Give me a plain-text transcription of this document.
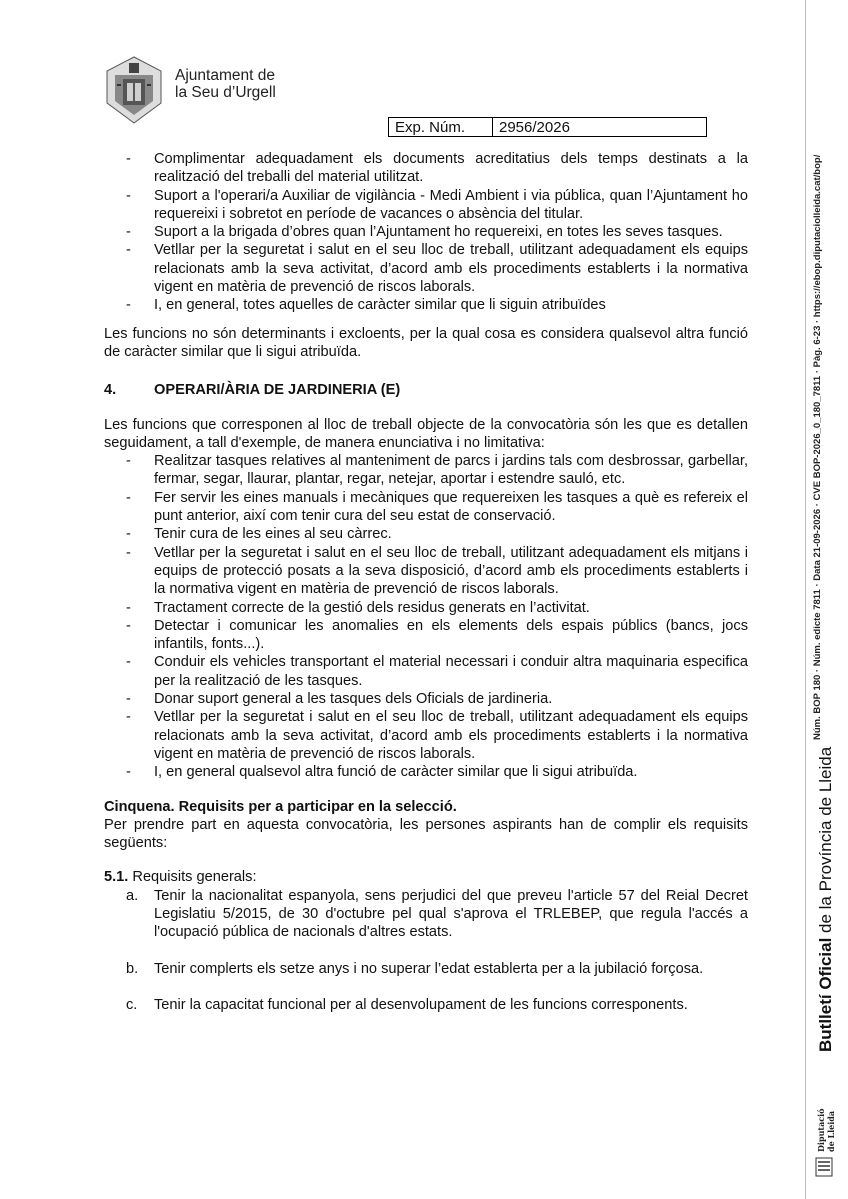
Ajuntament de
la Seu d’Urgell
Exp. Núm.	2956/2026
- Complimentar adequadament els documents acreditatius dels temps destinats a la realització del treballi del material utilitzat.
- Suport a l'operari/a Auxiliar de vigilància - Medi Ambient i via pública, quan l’Ajuntament ho requereixi i sobretot en període de vacances o absència del titular.
- Suport a la brigada d’obres quan l’Ajuntament ho requereixi, en totes les seves tasques.
- Vetllar per la seguretat i salut en el seu lloc de treball, utilitzant adequadament els equips relacionats amb la seva activitat, d’acord amb els procediments establerts i la normativa vigent en matèria de prevenció de riscos laborals.
- I, en general, totes aquelles de caràcter similar que li siguin atribuïdes

Les funcions no són determinants i excloents, per la qual cosa es considera qualsevol altra funció de caràcter similar que li sigui atribuïda.

4.	OPERARI/ÀRIA DE JARDINERIA (E)

Les funcions que corresponen al lloc de treball objecte de la convocatòria són les que es detallen seguidament, a tall d'exemple, de manera enunciativa i no limitativa:

- Realitzar tasques relatives al manteniment de parcs i jardins tals com desbrossar, garbellar, fermar, segar, llaurar, plantar, regar, netejar, aportar i estendre sauló, etc.
- Fer servir les eines manuals i mecàniques que requereixen les tasques a què es refereix el punt anterior, així com tenir cura del seu estat de conservació.
- Tenir cura de les eines al seu càrrec.
- Vetllar per la seguretat i salut en el seu lloc de treball, utilitzant adequadament els mitjans i equips de protecció posats a la seva disposició, d’acord amb els procediments establerts i la normativa vigent en matèria de prevenció de riscos laborals.
- Tractament correcte de la gestió dels residus generats en l’activitat.
- Detectar i comunicar les anomalies en els elements dels espais públics (bancs, jocs infantils, fonts...).
- Conduir els vehicles transportant el material necessari i conduir altra maquinaria especifica per la realització de les tasques.
- Donar suport general a les tasques dels Oficials de jardineria.
- Vetllar per la seguretat i salut en el seu lloc de treball, utilitzant adequadament els equips relacionats amb la seva activitat, d’acord amb els procediments establerts i la normativa vigent en matèria de prevenció de riscos laborals.
- I, en general qualsevol altra funció de caràcter similar que li sigui atribuïda.

Cinquena. Requisits per a participar en la selecció.

Per prendre part en aquesta convocatòria, les persones aspirants han de complir els requisits següents:

5.1. Requisits generals:

a. Tenir la nacionalitat espanyola, sens perjudici del que preveu l'article 57 del Reial Decret Legislatiu 5/2015, de 30 d'octubre pel qual s'aprova el TRLEBEP, que regula l'accés a l'ocupació pública de nacionals d'altres estats.
b. Tenir complerts els setze anys i no superar l’edat establerta per a la jubilació forçosa.
c. Tenir la capacitat funcional per al desenvolupament de les funcions corresponents.
Núm. BOP 180 · Núm. edicte 7811 · Data 21-09-2026 · CVE BOP-2026_0_180_7811 · Pàg. 6-23 · https://ebop.diputaciolleida.cat/bop/
Butlletí Oficial de la Província de Lleida
Diputació de Lleida
